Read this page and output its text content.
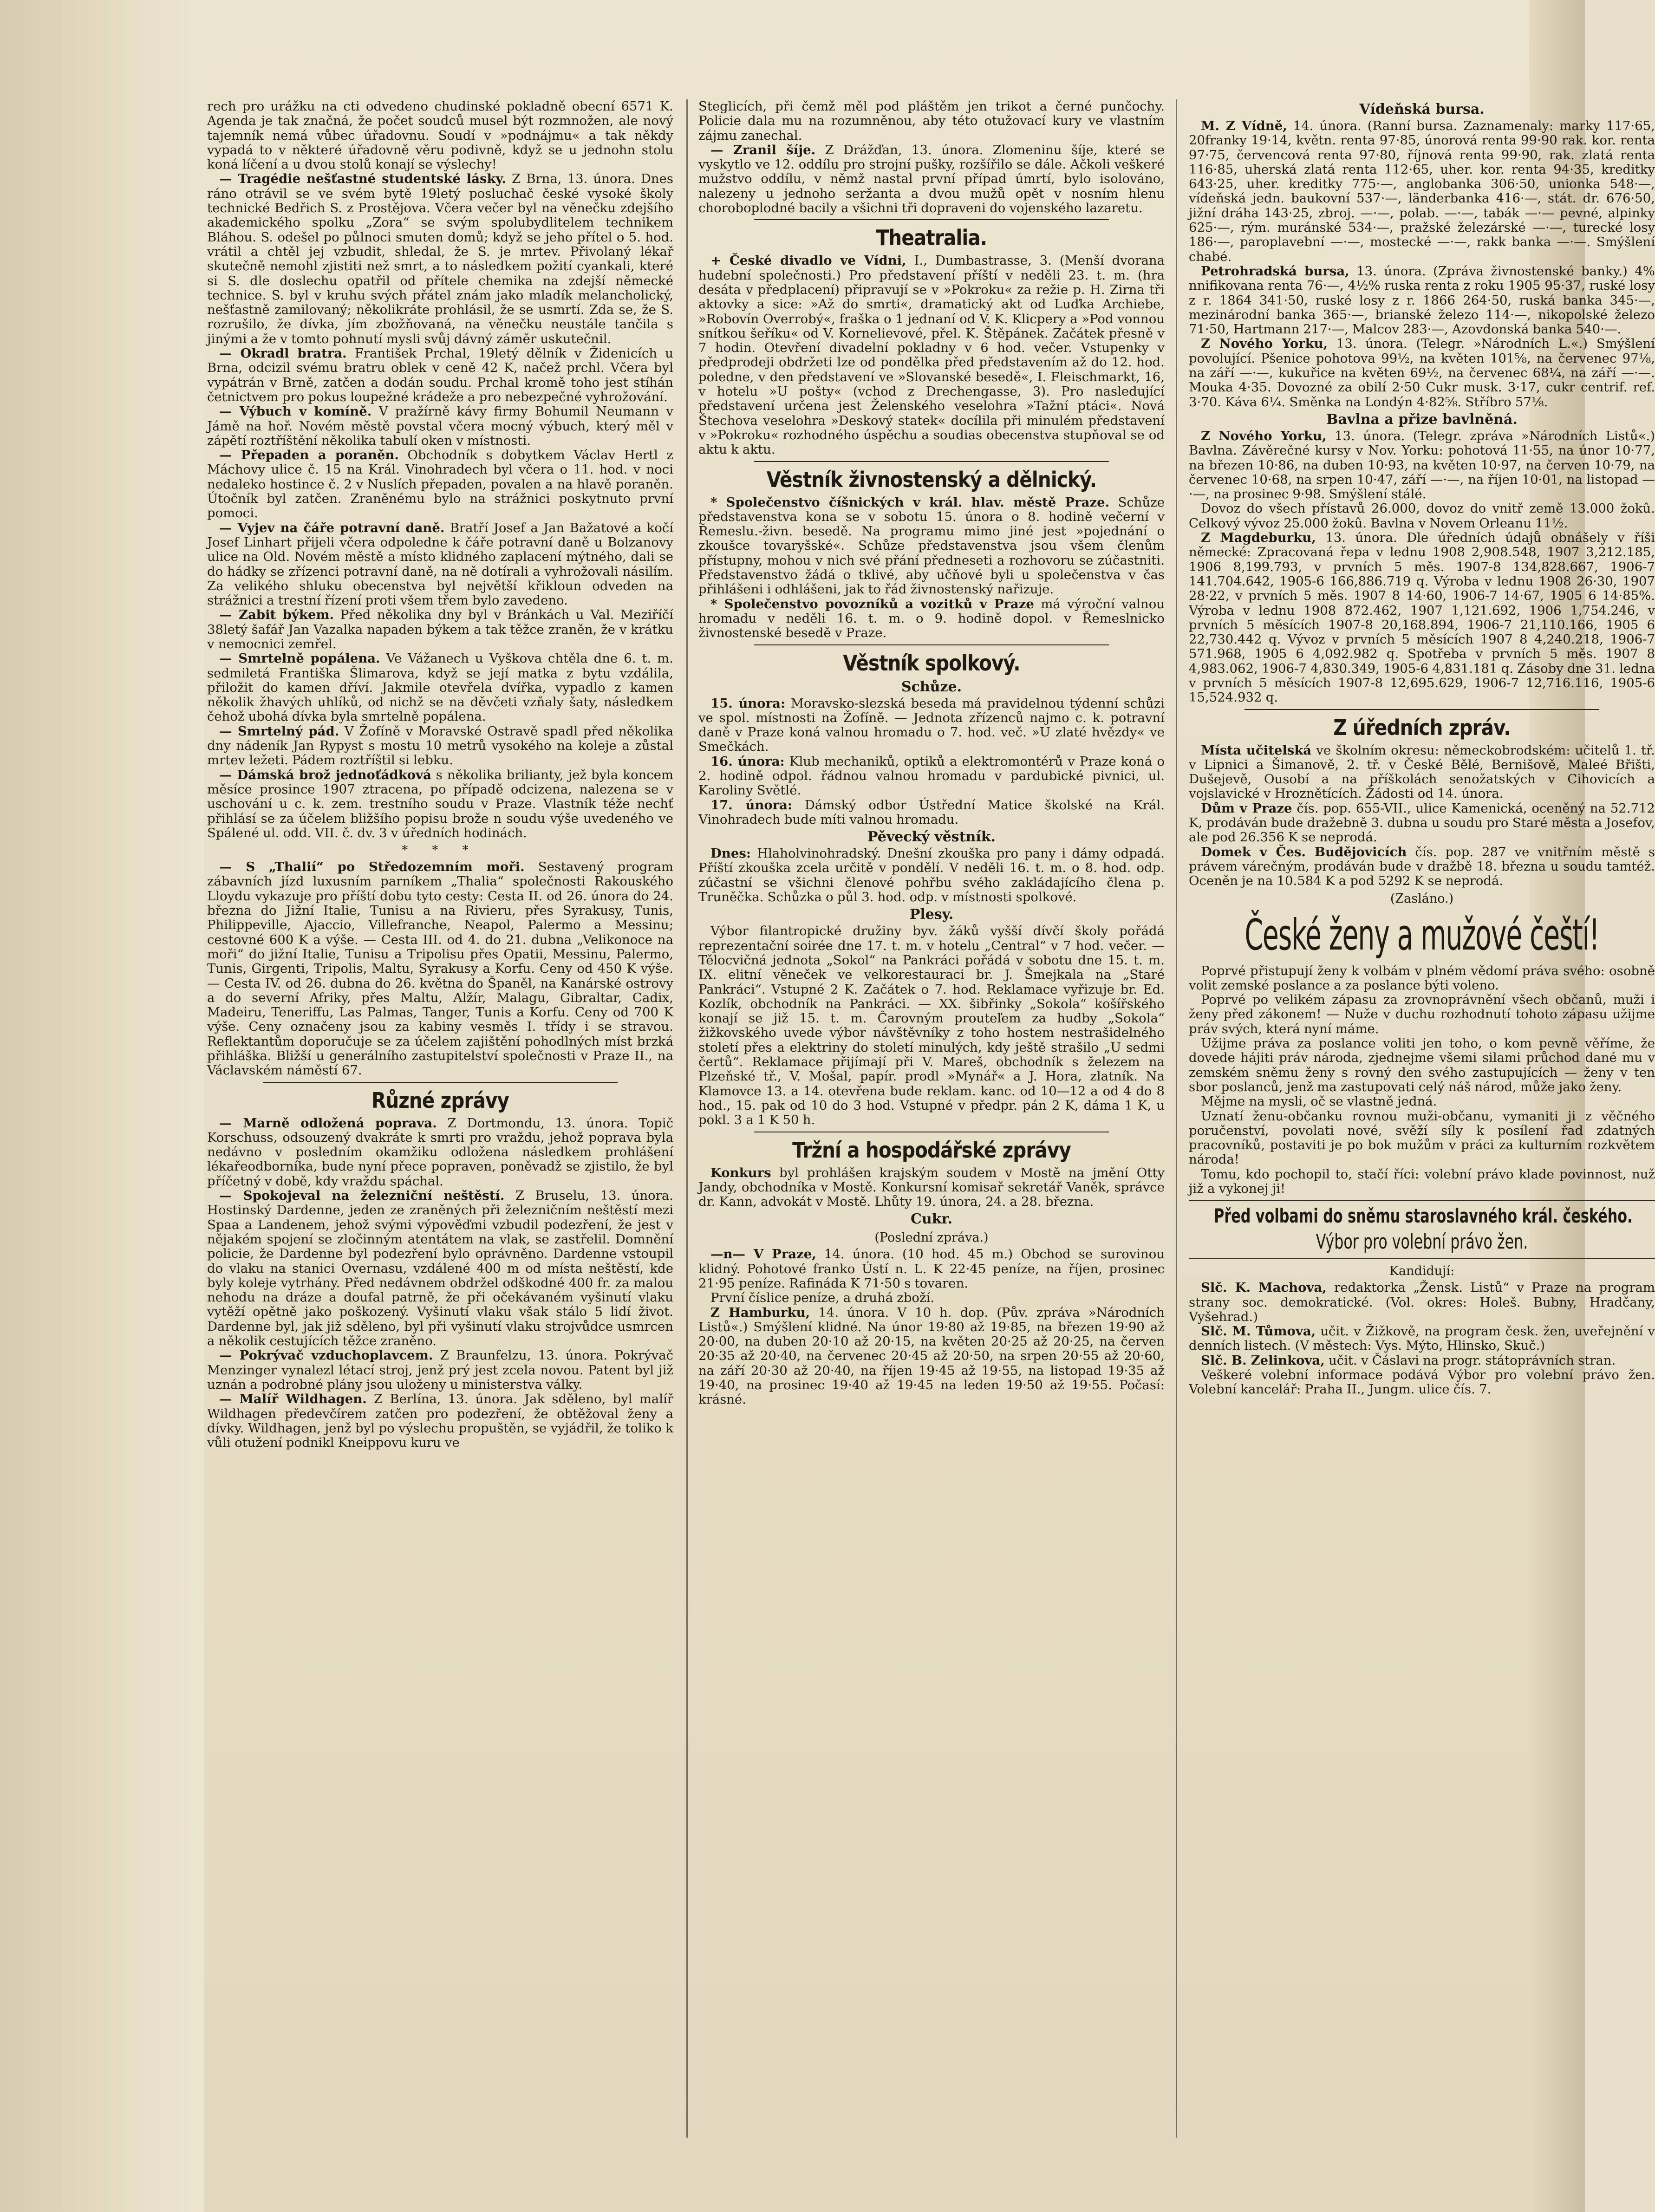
rech pro urážku na cti odvedeno chudinské pokladně obecní 6571 K. Agenda je tak značná, že počet soudců musel být rozmnožen, ale nový tajemník nemá vůbec úřadovnu. Soudí v »podnájmu« a tak někdy vypadá to v některé úřadovně věru podivně, když se u jednohn stolu koná líčení a u dvou stolů konají se výslechy!

— Tragédie nešťastné studentské lásky. Z Brna, 13. února. Dnes ráno otrávil se ve svém bytě 19letý posluchač české vysoké školy technické Bedřich S. z Prostějova. Včera večer byl na věnečku zdejšího akademického spolku „Zora“ se svým spolubydlitelem technikem Bláhou. S. odešel po půlnoci smuten domů; když se jeho přítel o 5. hod. vrátil a chtěl jej vzbudit, shledal, že S. je mrtev. Přivolaný lékař skutečně nemohl zjistiti než smrt, a to následkem požití cyankali, které si S. dle doslechu opatřil od přítele chemika na zdejší německé technice. S. byl v kruhu svých přátel znám jako mladík melancholický, nešťastně zamilovaný; několikráte prohlásil, že se usmrtí. Zda se, že S. rozrušilo, že dívka, jím zbožňovaná, na věnečku neustále tančila s jinými a že v tomto pohnutí mysli svůj dávný záměr uskutečnil.

— Okradl bratra. František Prchal, 19letý dělník v Židenicích u Brna, odcizil svému bratru oblek v ceně 42 K, načež prchl. Včera byl vypátrán v Brně, zatčen a dodán soudu. Prchal kromě toho jest stíhán četnictvem pro pokus loupežné krádeže a pro nebezpečné vyhrožování.

— Výbuch v komíně. V pražírně kávy firmy Bohumil Neumann v Jámě na hoř. Novém městě povstal včera mocný výbuch, který měl v zápětí roztříštění několika tabulí oken v místnosti.

— Přepaden a poraněn. Obchodník s dobytkem Václav Hertl z Máchovy ulice č. 15 na Král. Vinohradech byl včera o 11. hod. v noci nedaleko hostince č. 2 v Nuslích přepaden, povalen a na hlavě poraněn. Útočník byl zatčen. Zraněnému bylo na strážnici poskytnuto první pomoci.

— Vyjev na čáře potravní daně. Bratří Josef a Jan Bažatové a kočí Josef Linhart přijeli včera odpoledne k čáře potravní daně u Bolzanovy ulice na Old. Novém městě a místo klidného zaplacení mýtného, dali se do hádky se zřízenci potravní daně, na ně dotírali a vyhrožovali násilím. Za velikého shluku obecenstva byl největší křikloun odveden na strážnici a trestní řízení proti všem třem bylo zavedeno.

— Zabit býkem. Před několika dny byl v Bránkách u Val. Meziříčí 38letý šafář Jan Vazalka napaden býkem a tak těžce zraněn, že v krátku v nemocnici zemřel.

— Smrtelně popálena. Ve Vážanech u Vyškova chtěla dne 6. t. m. sedmiletá Františka Šlimarova, když se její matka z bytu vzdálila, přiložit do kamen dříví. Jakmile otevřela dvířka, vypadlo z kamen několik žhavých uhlíků, od nichž se na děvčeti vzňaly šaty, následkem čehož ubohá dívka byla smrtelně popálena.

— Smrtelný pád. V Žofíně v Moravské Ostravě spadl před několika dny nádeník Jan Rypyst s mostu 10 metrů vysokého na koleje a zůstal mrtev ležeti. Pádem roztříštil si lebku.

— Dámská brož jednoťádková s několika brilianty, jež byla koncem měsíce prosince 1907 ztracena, po případě odcizena, nalezena se v uschování u c. k. zem. trestního soudu v Praze. Vlastník téže nechť přihlásí se za účelem bližšího popisu brože n soudu výše uvedeného ve Spálené ul. odd. VII. č. dv. 3 v úředních hodinách.

* * *

— S „Thalií“ po Středozemním moři. Sestavený program zábavních jízd luxusním parníkem „Thalia“ společnosti Rakouského Lloydu vykazuje pro příští dobu tyto cesty: Cesta II. od 26. února do 24. března do Jižní Italie, Tunisu a na Rivieru, přes Syrakusy, Tunis, Philippeville, Ajaccio, Villefranche, Neapol, Palermo a Messinu; cestovné 600 K a výše. — Cesta III. od 4. do 21. dubna „Velikonoce na moři“ do jižní Italie, Tunisu a Tripolisu přes Opatii, Messinu, Palermo, Tunis, Girgenti, Tripolis, Maltu, Syrakusy a Korfu. Ceny od 450 K výše. — Cesta IV. od 26. dubna do 26. května do Španěl, na Kanárské ostrovy a do severní Afriky, přes Maltu, Alžír, Malagu, Gibraltar, Cadix, Madeiru, Teneriffu, Las Palmas, Tanger, Tunis a Korfu. Ceny od 700 K výše. Ceny označeny jsou za kabiny vesměs I. třídy i se stravou. Reflektantům doporučuje se za účelem zajištění pohodlných míst brzká přihláška. Bližší u generálního zastupitelství společnosti v Praze II., na Václavském náměstí 67.

Různé zprávy

— Marně odložená poprava. Z Dortmondu, 13. února. Topič Korschuss, odsouzený dvakráte k smrti pro vraždu, jehož poprava byla nedávno v posledním okamžiku odložena následkem prohlášení lékařeodborníka, bude nyní přece popraven, poněvadž se zjistilo, že byl příčetný v době, kdy vraždu spáchal.

— Spokojeval na železniční neštěstí. Z Bruselu, 13. února. Hostinský Dardenne, jeden ze zraněných při železničním neštěstí mezi Spaa a Landenem, jehož svými výpověďmi vzbudil podezření, že jest v nějakém spojení se zločinným atentátem na vlak, se zastřelil. Domnění policie, že Dardenne byl podezření bylo oprávněno. Dardenne vstoupil do vlaku na stanici Overnasu, vzdálené 400 m od místa neštěstí, kde byly koleje vytrhány. Před nedávnem obdržel odškodné 400 fr. za malou nehodu na dráze a doufal patrně, že při očekávaném vyšinutí vlaku vytěží opětně jako poškozený. Vyšinutí vlaku však stálo 5 lidí život. Dardenne byl, jak již sděleno, byl při vyšinutí vlaku strojvůdce usmrcen a několik cestujících těžce zraněno.

— Pokrývač vzduchoplavcem. Z Braunfelzu, 13. února. Pokrývač Menzinger vynalezl létací stroj, jenž prý jest zcela novou. Patent byl již uznán a podrobné plány jsou uloženy u ministerstva války.

— Malíř Wildhagen. Z Berlína, 13. února. Jak sděleno, byl malíř Wildhagen předevčírem zatčen pro podezření, že obtěžoval ženy a dívky. Wildhagen, jenž byl po výslechu propuštěn, se vyjádřil, že toliko k vůli otužení podnikl Kneippovu kuru ve

Steglicích, při čemž měl pod pláštěm jen trikot a černé punčochy. Policie dala mu na rozumněnou, aby této otužovací kury ve vlastním zájmu zanechal.

— Zranil šíje. Z Drážďan, 13. února. Zlomeninu šíje, které se vyskytlo ve 12. oddílu pro strojní pušky, rozšířilo se dále. Ačkoli veškeré mužstvo oddílu, v němž nastal první případ úmrtí, bylo isolováno, nalezeny u jednoho seržanta a dvou mužů opět v nosním hlenu choroboplodné bacily a všichni tři dopraveni do vojenského lazaretu.

Theatralia.

+ České divadlo ve Vídni, I., Dumbastrasse, 3. (Menší dvorana hudební společnosti.) Pro představení příští v neděli 23. t. m. (hra desáta v předplacení) připravují se v »Pokroku« za režie p. H. Zirna tři aktovky a sice: »Až do smrti«, dramatický akt od Luďka Archiebe, »Robovín Overrobý«, fraška o 1 jednaní od V. K. Klicpery a »Pod vonnou snítkou šeříku« od V. Kornelievové, přel. K. Štěpánek. Začátek přesně v 7 hodin. Otevření divadelní pokladny v 6 hod. večer. Vstupenky v předprodeji obdržeti lze od pondělka před představením až do 12. hod. poledne, v den představení ve »Slovanské besedě«, I. Fleischmarkt, 16, v hotelu »U pošty« (vchod z Drechengasse, 3). Pro nasledující představení určena jest Želenského veselohra »Tažní ptáci«. Nová Štechova veselohra »Deskový statek« docílila při minulém představení v »Pokroku« rozhodného úspěchu a soudias obecenstva stupňoval se od aktu k aktu.

Věstník živnostenský a dělnický.

* Společenstvo číšnických v král. hlav. městě Praze. Schůze představenstva kona se v sobotu 15. února o 8. hodině večerní v Řemeslu.-živn. besedě. Na programu mimo jiné jest »pojednání o zkoušce tovaryšské«. Schůze představenstva jsou všem členům přístupny, mohou v nich své přání předneseti a rozhovoru se zúčastniti. Představenstvo žádá o tklivé, aby učňové byli u společenstva v čas přihlášeni i odhlášeni, jak to řád živnostenský nařizuje.

* Společenstvo povozníků a vozitků v Praze má výroční valnou hromadu v neděli 16. t. m. o 9. hodině dopol. v Řemeslnicko živnostenské besedě v Praze.

Věstník spolkový.
Schůze.

15. února: Moravsko-slezská beseda má pravidelnou týdenní schůzi ve spol. místnosti na Žofíně. — Jednota zřízenců najmo c. k. potravní daně v Praze koná valnou hromadu o 7. hod. več. »U zlaté hvězdy« ve Smečkách.

16. února: Klub mechaniků, optiků a elektromontérů v Praze koná o 2. hodině odpol. řádnou valnou hromadu v pardubické pivnici, ul. Karoliny Světlé.

17. února: Dámský odbor Ústřední Matice školské na Král. Vinohradech bude míti valnou hromadu.

Pěvecký věstník.

Dnes: Hlaholvinohradský. Dnešní zkouška pro pany i dámy odpadá. Příští zkouška zcela určitě v pondělí. V neděli 16. t. m. o 8. hod. odp. zúčastní se všichni členové pohřbu svého zakládajícího člena p. Truněčka. Schůzka o půl 3. hod. odp. v místnosti spolkové.

Plesy.

Výbor filantropické družiny byv. žáků vyšší dívčí školy pořádá reprezentační soirée dne 17. t. m. v hotelu „Central“ v 7 hod. večer. — Tělocvičná jednota „Sokol“ na Pankráci pořádá v sobotu dne 15. t. m. IX. elitní věneček ve velkorestauraci br. J. Šmejkala na „Staré Pankráci“. Vstupné 2 K. Začátek o 7. hod. Reklamace vyřizuje br. Ed. Kozlík, obchodník na Pankráci. — XX. šibřinky „Sokola“ košířského konají se již 15. t. m. Čarovným prouteľem za hudby „Sokola“ žižkovského uvede výbor návštěvníky z toho hostem nestrašidelného století přes a elektriny do století minulých, kdy ještě strašilo „U sedmi čertů“. Reklamace přijímají při V. Mareš, obchodník s železem na Plzeňské tř., V. Mošal, papír. prodl »Mynář« a J. Hora, zlatník. Na Klamovce 13. a 14. otevřena bude reklam. kanc. od 10—12 a od 4 do 8 hod., 15. pak od 10 do 3 hod. Vstupné v předpr. pán 2 K, dáma 1 K, u pokl. 3 a 1 K 50 h.

Tržní a hospodářské zprávy

Konkurs byl prohlášen krajským soudem v Mostě na jmění Otty Jandy, obchodníka v Mostě. Konkursní komisař sekretář Vaněk, správce dr. Kann, advokát v Mostě. Lhůty 19. února, 24. a 28. března.

Cukr.
(Poslední zpráva.)

—n— V Praze, 14. února. (10 hod. 45 m.) Obchod se surovinou klidný. Pohotové franko Ústí n. L. K 22·45 peníze, na říjen, prosinec 21·95 peníze. Rafináda K 71·50 s tovaren.

První číslice peníze, a druhá zboží.

Z Hamburku, 14. února. V 10 h. dop. (Pův. zpráva »Národních Listů«.) Smýšlení klidné. Na únor 19·80 až 19·85, na březen 19·90 až 20·00, na duben 20·10 až 20·15, na květen 20·25 až 20·25, na červen 20·35 až 20·40, na červenec 20·45 až 20·50, na srpen 20·55 až 20·60, na září 20·30 až 20·40, na říjen 19·45 až 19·55, na listopad 19·35 až 19·40, na prosinec 19·40 až 19·45 na leden 19·50 až 19·55. Počasí: krásné.

Vídeňská bursa.

M. Z Vídně, 14. února. (Ranní bursa. Zaznamenaly: marky 117·65, 20franky 19·14, květn. renta 97·85, únorová renta 99·90 rak. kor. renta 97·75, červencová renta 97·80, říjnová renta 99·90, rak. zlatá renta 116·85, uherská zlatá renta 112·65, uher. kor. renta 94·35, kreditky 643·25, uher. kreditky 775·—, anglobanka 306·50, unionka 548·—, vídeňská jedn. baukovní 537·—, länderbanka 416·—, stát. dr. 676·50, jižní dráha 143·25, zbroj. —·—, polab. —·—, tabák —·— pevné, alpinky 625·—, rým. muránské 534·—, pražské železárské —·—, turecké losy 186·—, paroplavební —·—, mostecké —·—, rakk banka —·—. Smýšlení chabé.

Petrohradská bursa, 13. února. (Zpráva živnostenské banky.) 4% nnifikovana renta 76·—, 4½% ruska renta z roku 1905 95·37, ruské losy z r. 1864 341·50, ruské losy z r. 1866 264·50, ruská banka 345·—, mezinárodní banka 365·—, brianské železo 114·—, nikopolské železo 71·50, Hartmann 217·—, Malcov 283·—, Azovdonská banka 540·—.

Z Nového Yorku, 13. února. (Telegr. »Národních L.«.) Smýšlení povolující. Pšenice pohotova 99½, na květen 101⅝, na červenec 97⅛, na září —·—, kukuřice na květen 69½, na červenec 68¼, na září —·—. Mouka 4·35. Dovozné za obilí 2·50 Cukr musk. 3·17, cukr centrif. ref. 3·70. Káva 6¼. Směnka na Londýn 4·82⅝. Stříbro 57⅛.

Bavlna a přize bavlněná.

Z Nového Yorku, 13. února. (Telegr. zpráva »Národních Listů«.) Bavlna. Závěrečné kursy v Nov. Yorku: pohotová 11·55, na únor 10·77, na březen 10·86, na duben 10·93, na květen 10·97, na červen 10·79, na červenec 10·68, na srpen 10·47, září —·—, na říjen 10·01, na listopad —·—, na prosinec 9·98. Smýšlení stálé.

Dovoz do všech přístavů 26.000, dovoz do vnitř země 13.000 žokû. Celkový vývoz 25.000 žokû. Bavlna v Novem Orleanu 11½.

Z Magdeburku, 13. února. Dle úředních údajů obnášely v říši německé: Zpracovaná řepa v lednu 1908 2,908.548, 1907 3,212.185, 1906 8,199.793, v prvních 5 měs. 1907-8 134,828.667, 1906-7 141.704.642, 1905-6 166,886.719 q. Výroba v lednu 1908 26·30, 1907 28·22, v prvních 5 měs. 1907 8 14·60, 1906-7 14·67, 1905 6 14·85%. Výroba v lednu 1908 872.462, 1907 1,121.692, 1906 1,754.246, v prvních 5 měsících 1907-8 20,168.894, 1906-7 21,110.166, 1905 6 22,730.442 q. Vývoz v prvních 5 měsících 1907 8 4,240.218, 1906-7 571.968, 1905 6 4,092.982 q. Spotřeba v prvních 5 měs. 1907 8 4,983.062, 1906-7 4,830.349, 1905-6 4,831.181 q. Zásoby dne 31. ledna v prvních 5 měsících 1907-8 12,695.629, 1906-7 12,716.116, 1905-6 15,524.932 q.

Z úředních zpráv.

Místa učitelská ve školním okresu: německobrodském: učitelů 1. tř. v Lipnici a Šimanově, 2. tř. v České Bělé, Bernišově, Maleé Břišti, Dušejevě, Ousobí a na příškolách senožatských v Cihovicích a vojslavické v Hroznětících. Žádosti od 14. února.

Dům v Praze čís. pop. 655-VII., ulice Kamenická, oceněný na 52.712 K, prodáván bude dražebně 3. dubna u soudu pro Staré města a Josefov, ale pod 26.356 K se neprodá.

Domek v Čes. Budějovicích čís. pop. 287 ve vnitřním městě s právem várečným, prodáván bude v dražbě 18. března u soudu tamtéž. Oceněn je na 10.584 K a pod 5292 K se neprodá.

(Zasláno.)
České ženy a mužové čeští!

Poprvé přistupují ženy k volbám v plném vědomí práva svého: osobně volit zemské poslance a za poslance býti voleno.

Poprvé po velikém zápasu za zrovnoprávnění všech občanů, muži i ženy před zákonem! — Nuže v duchu rozhodnutí tohoto zápasu užijme práv svých, která nyní máme.

Užijme práva za poslance voliti jen toho, o kom pevně věříme, že dovede hájiti práv národa, zjednejme všemi silami průchod dané mu v zemském sněmu ženy s rovný den svého zastupujících — ženy v ten sbor poslanců, jenž ma zastupovati celý náš národ, může jako ženy.

Mějme na mysli, oč se vlastně jedná.

Uznatí ženu-občanku rovnou muži-občanu, vymaniti ji z věčného poručenství, povolati nové, svěží síly k posílení řad zdatných pracovníků, postaviti je po bok mužům v práci za kulturním rozkvětem národa!

Tomu, kdo pochopil to, stačí říci: volební právo klade povinnost, nuž již a vykonej ji!

Před volbami do sněmu staroslavného král. českého.
Výbor pro volební právo žen.
Kandidují:

Slč. K. Machova, redaktorka „Žensk. Listů“ v Praze na program strany soc. demokratické. (Vol. okres: Holeš. Bubny, Hradčany, Vyšehrad.)

Slč. M. Tůmova, učit. v Žižkově, na program česk. žen, uveřejnění v denních listech. (V městech: Vys. Mýto, Hlinsko, Skuč.)

Slč. B. Zelinkova, učit. v Čáslavi na progr. státoprávních stran.

Veškeré volební informace podává Výbor pro volební právo žen. Volební kancelář: Praha II., Jungm. ulice čís. 7.
